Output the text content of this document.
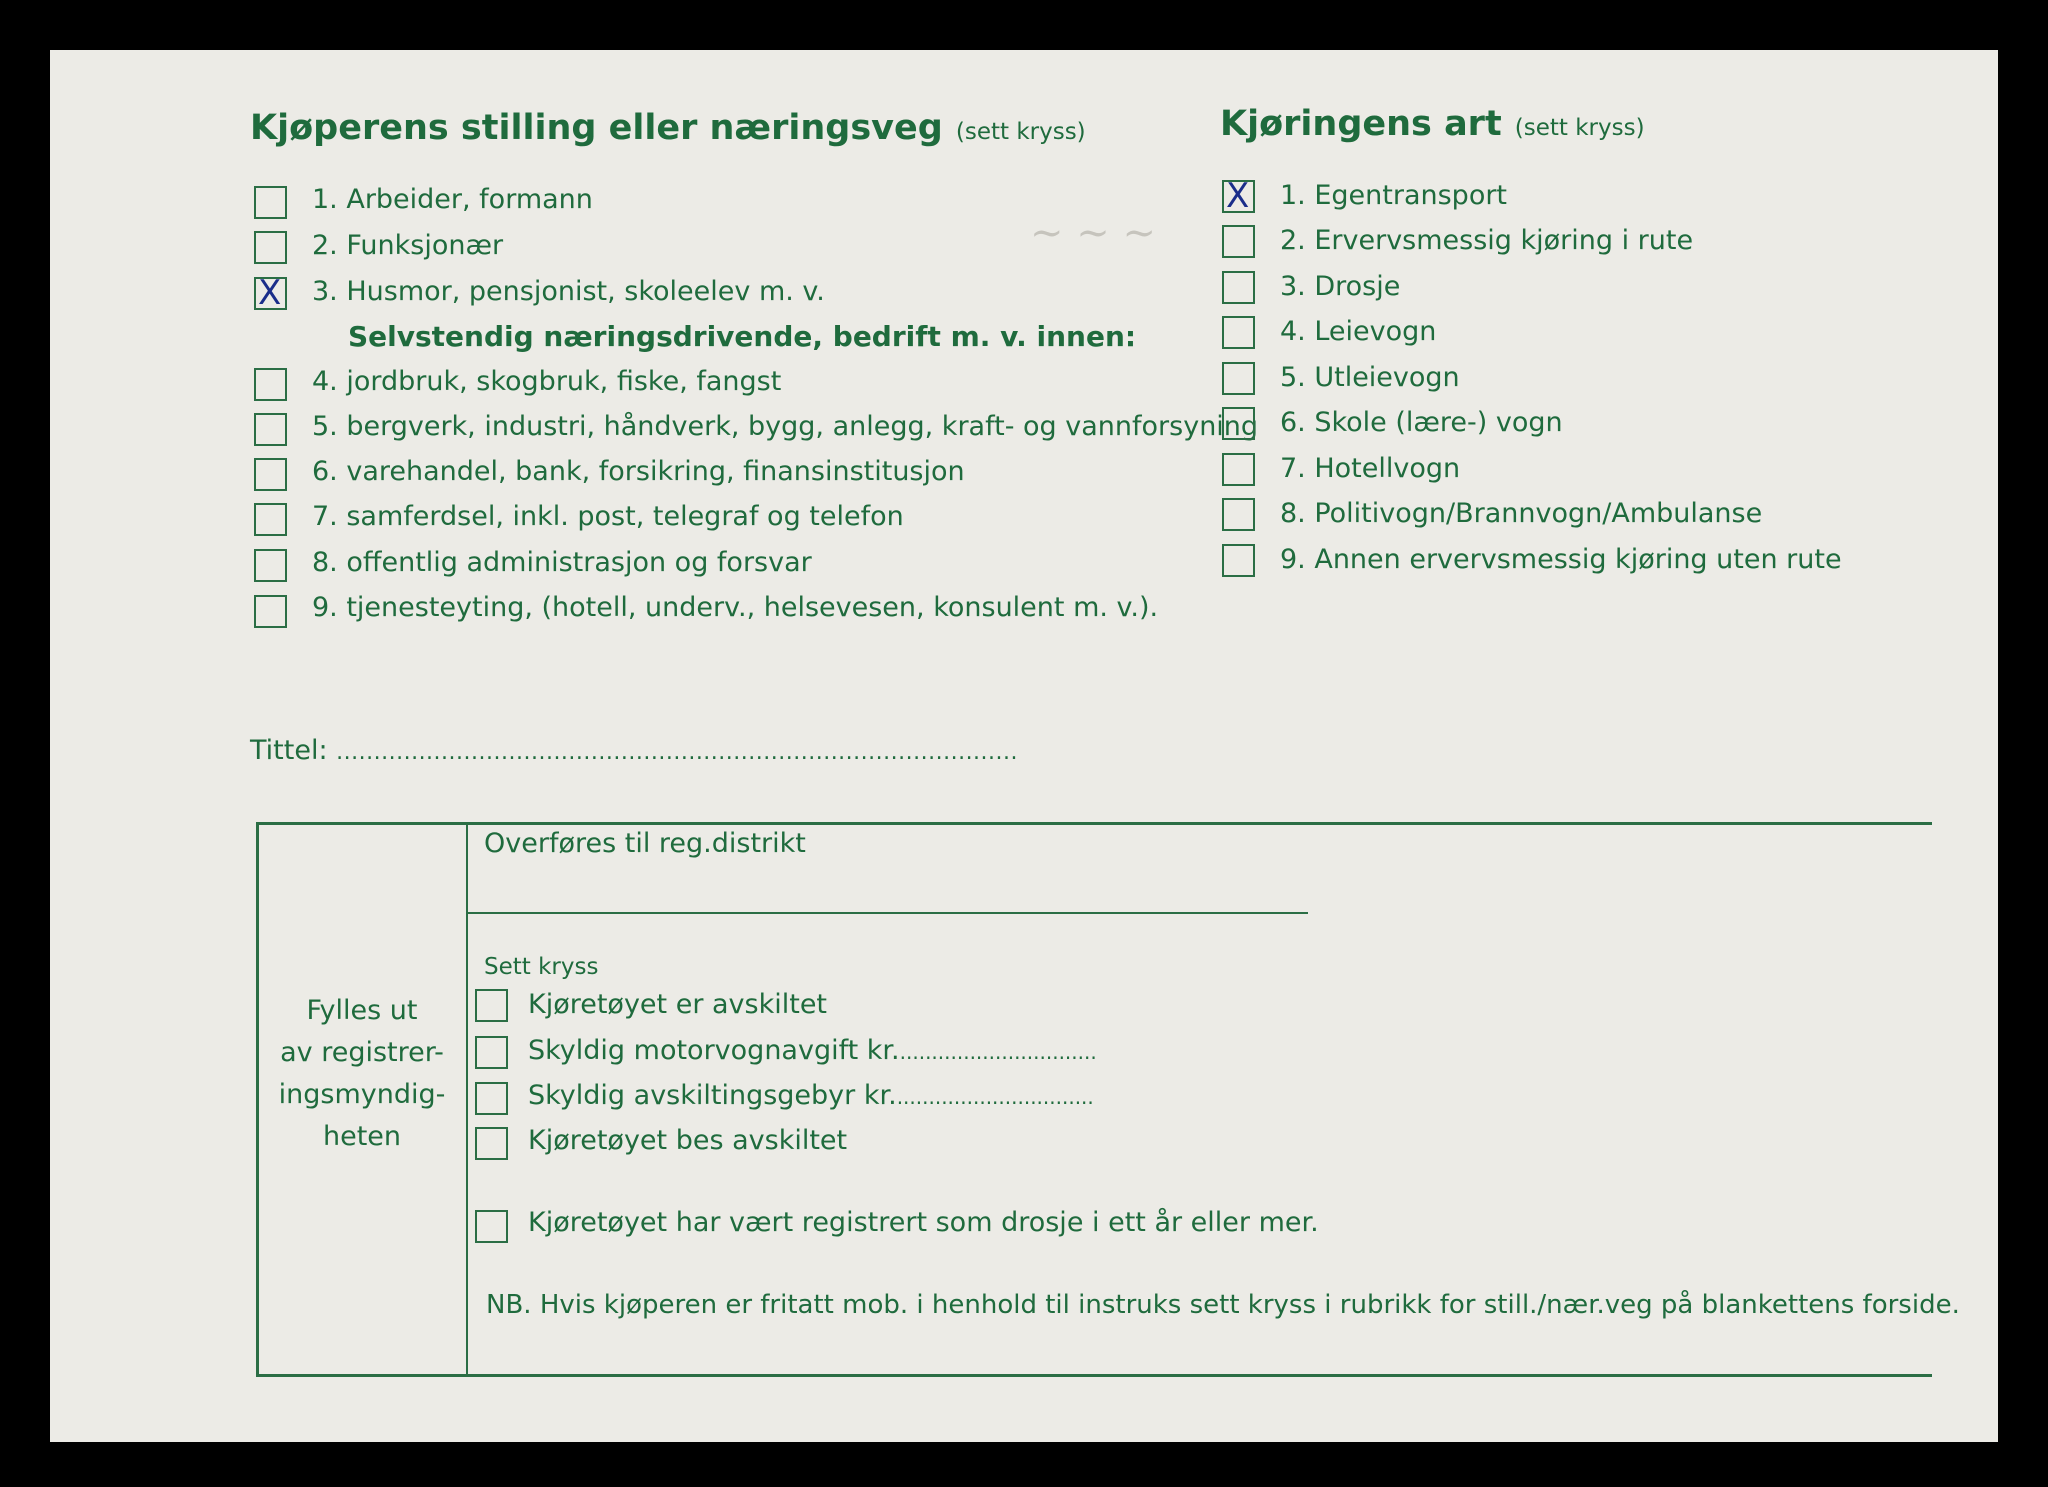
~ ~ ~
Kjøperens stilling eller næringsveg (sett kryss)
1. Arbeider, formann
2. Funksjonær
X 3. Husmor, pensjonist, skoleelev m. v.
Selvstendig næringsdrivende, bedrift m. v. innen:
4. jordbruk, skogbruk, fiske, fangst
5. bergverk, industri, håndverk, bygg, anlegg, kraft- og vannforsyning
6. varehandel, bank, forsikring, finansinstitusjon
7. samferdsel, inkl. post, telegraf og telefon
8. offentlig administrasjon og forsvar
9. tjenesteyting, (hotell, underv., helsevesen, konsulent m. v.).
Kjøringens art (sett kryss)
X 1. Egentransport
2. Ervervsmessig kjøring i rute
3. Drosje
4. Leievogn
5. Utleievogn
6. Skole (lære-) vogn
7. Hotellvogn
8. Politivogn/Brannvogn/Ambulanse
9. Annen ervervsmessig kjøring uten rute
Tittel: ...........................................................................................
Fylles ut
av registrer-
ingsmyndig-
heten
Overføres til reg.distrikt
Sett kryss
Kjøretøyet er avskiltet
Skyldig motorvognavgift kr................................
Skyldig avskiltingsgebyr kr................................
Kjøretøyet bes avskiltet
Kjøretøyet har vært registrert som drosje i ett år eller mer.
NB. Hvis kjøperen er fritatt mob. i henhold til instruks sett kryss i rubrikk for still./nær.veg på blankettens forside.
